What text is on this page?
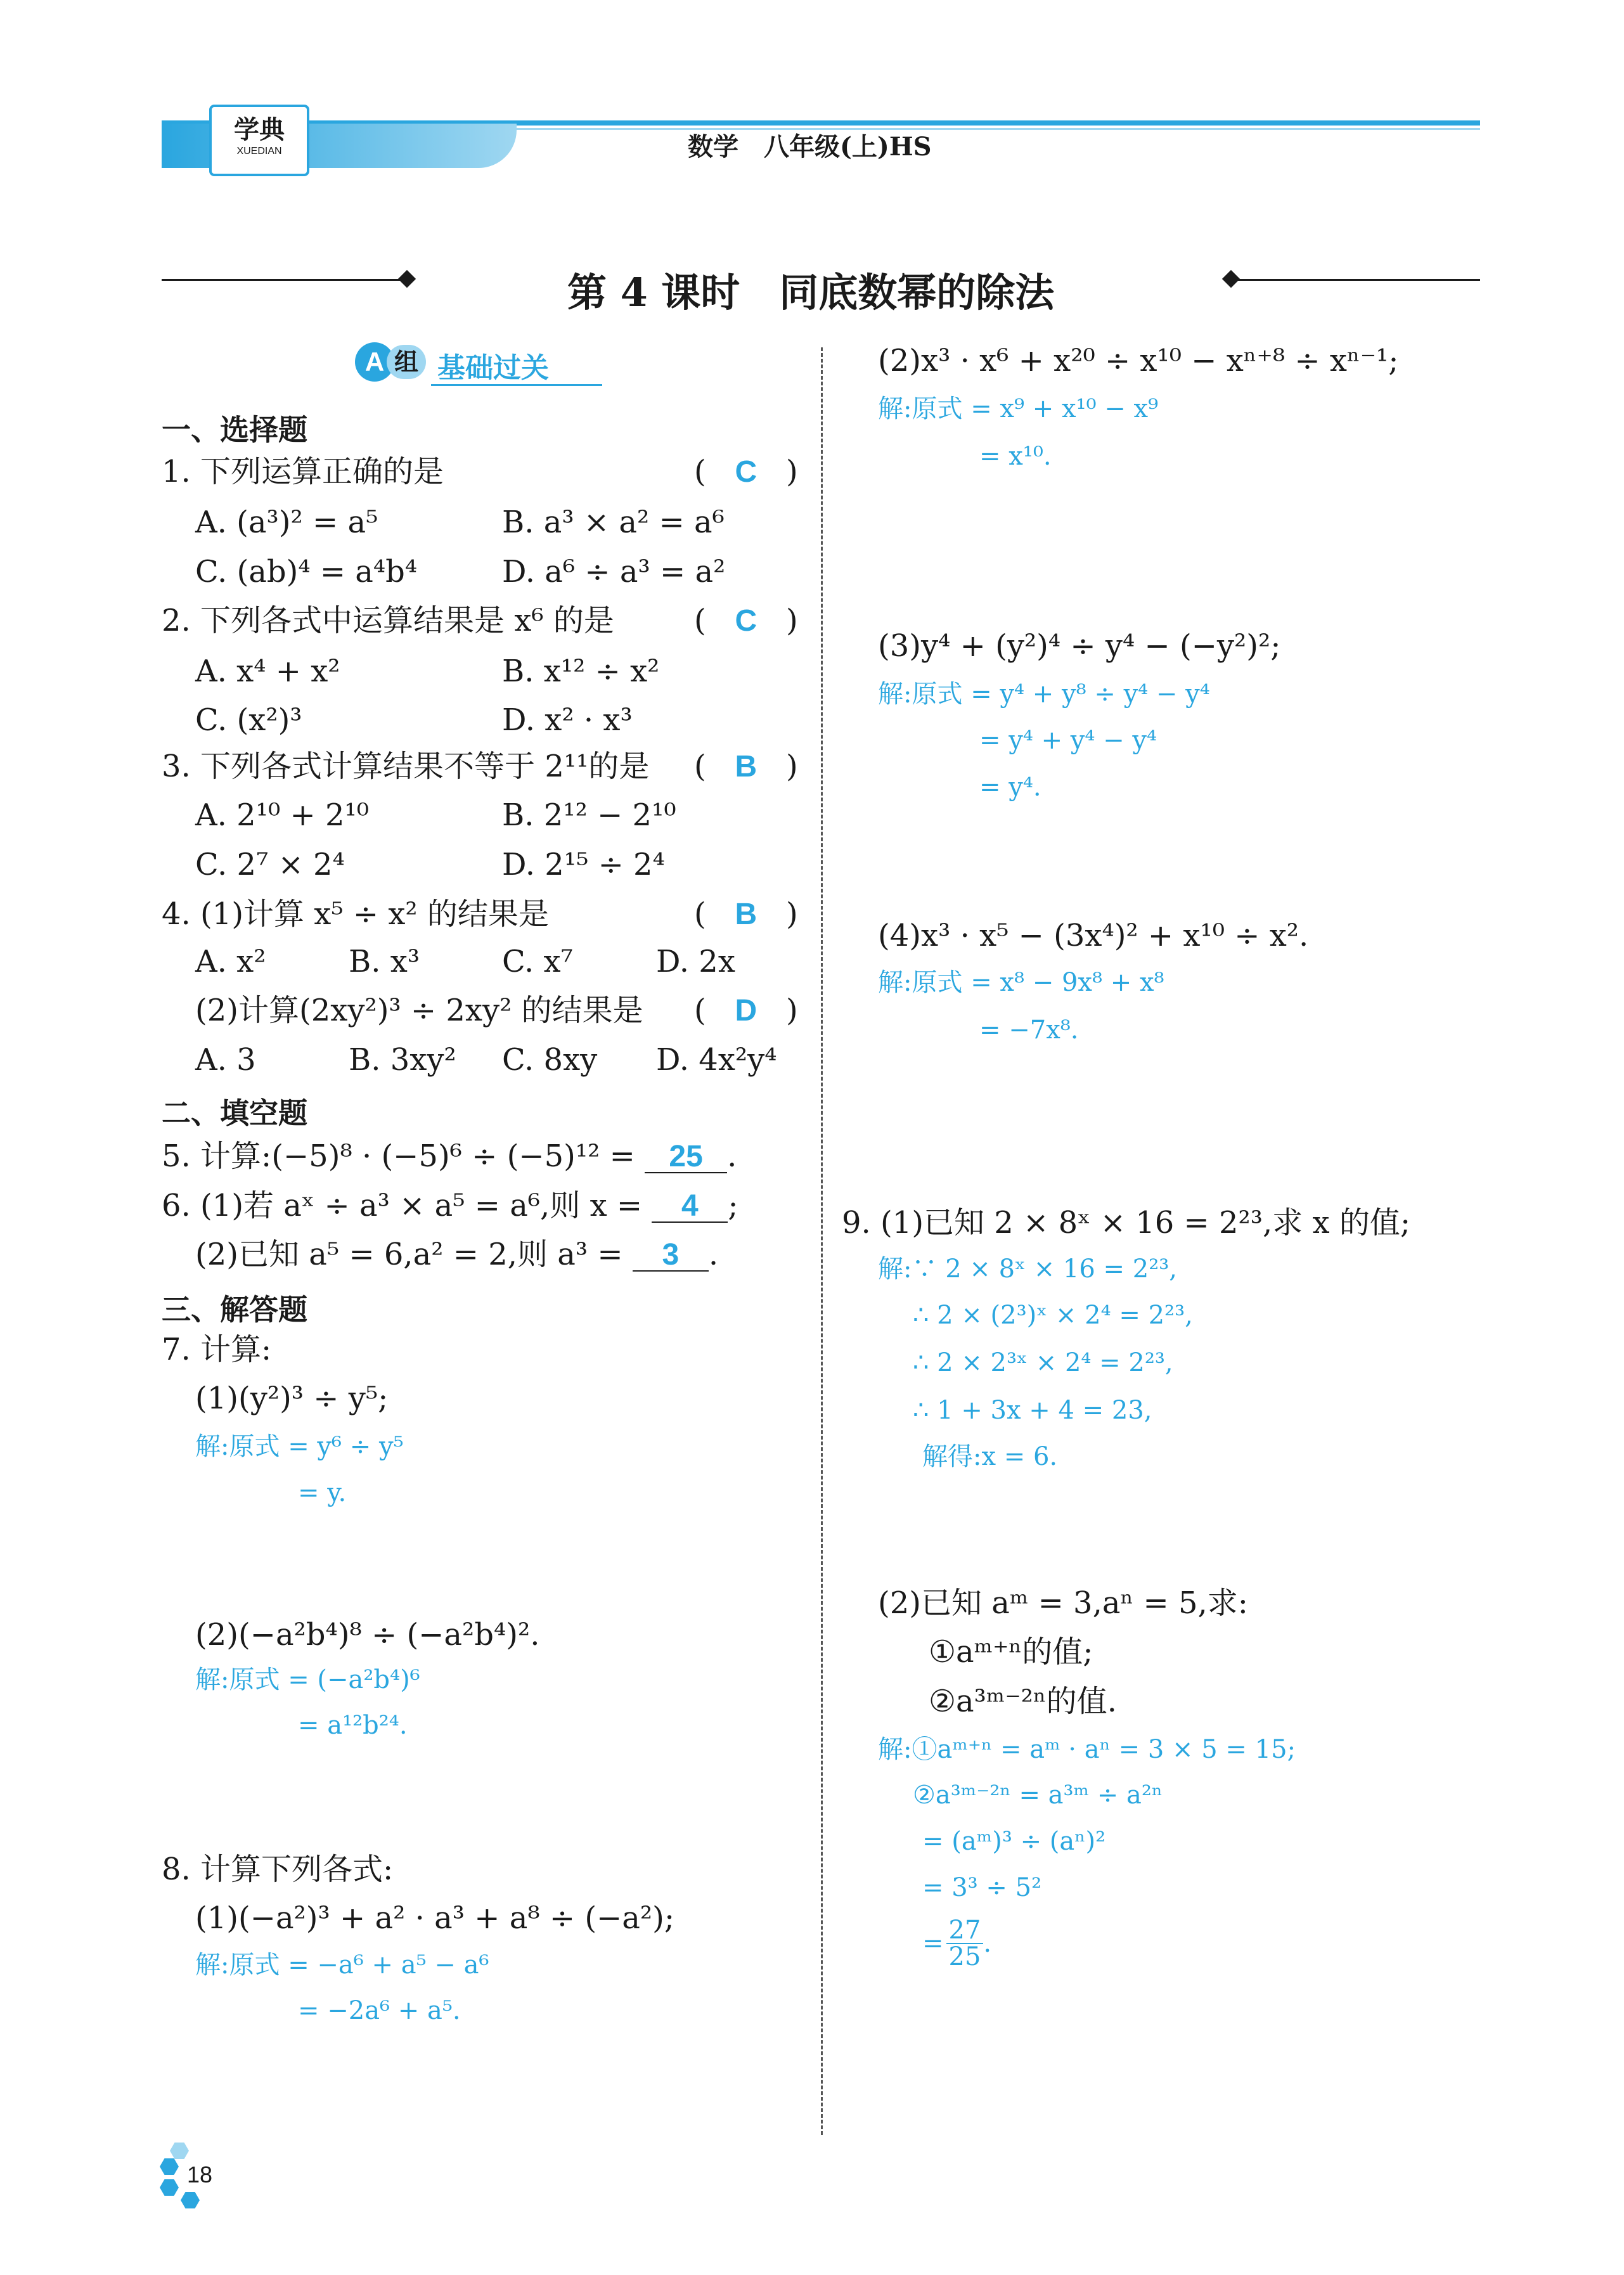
学典
XUEDIAN	数学　八年级(上)HS
第 4 课时　同底数幂的除法
A 组 基础过关
一、选择题
1. 下列运算正确的是	(   C   )
A. (a³)² = a⁵	B. a³ × a² = a⁶
C. (ab)⁴ = a⁴b⁴	D. a⁶ ÷ a³ = a²
2. 下列各式中运算结果是 x⁶ 的是	(   C   )
A. x⁴ + x²	B. x¹² ÷ x²
C. (x²)³	D. x² · x³
3. 下列各式计算结果不等于 2¹¹的是 (   B   )
A. 2¹⁰ + 2¹⁰	B. 2¹² − 2¹⁰
C. 2⁷ × 2⁴	D. 2¹⁵ ÷ 2⁴
4. (1)计算 x⁵ ÷ x² 的结果是	(   B   )
A. x²	B. x³	C. x⁷	D. 2x
(2)计算(2xy²)³ ÷ 2xy² 的结果是 (   D   )
A. 3	B. 3xy² C. 8xy D. 4x²y⁴
二、填空题
5. 计算:(−5)⁸ · (−5)⁶ ÷ (−5)¹² = 25 .
6. (1)若 aˣ ÷ a³ × a⁵ = a⁶,则 x = 4 ;
(2)已知 a⁵ = 6,a² = 2,则 a³ = 3 .
三、解答题
7. 计算:
(1)(y²)³ ÷ y⁵;
解:原式 = y⁶ ÷ y⁵
= y.
(2)(−a²b⁴)⁸ ÷ (−a²b⁴)².
解:原式 = (−a²b⁴)⁶
= a¹²b²⁴.
8. 计算下列各式:
(1)(−a²)³ + a² · a³ + a⁸ ÷ (−a²);
解:原式 = −a⁶ + a⁵ − a⁶
= −2a⁶ + a⁵.
(2)x³ · x⁶ + x²⁰ ÷ x¹⁰ − xⁿ⁺⁸ ÷ xⁿ⁻¹;
解:原式 = x⁹ + x¹⁰ − x⁹
= x¹⁰.
(3)y⁴ + (y²)⁴ ÷ y⁴ − (−y²)²;
解:原式 = y⁴ + y⁸ ÷ y⁴ − y⁴
= y⁴ + y⁴ − y⁴
= y⁴.
(4)x³ · x⁵ − (3x⁴)² + x¹⁰ ÷ x².
解:原式 = x⁸ − 9x⁸ + x⁸
= −7x⁸.
9. (1)已知 2 × 8ˣ × 16 = 2²³,求 x 的值;
解:∵ 2 × 8ˣ × 16 = 2²³,
∴ 2 × (2³)ˣ × 2⁴ = 2²³,
∴ 2 × 2³ˣ × 2⁴ = 2²³,
∴ 1 + 3x + 4 = 23,
解得:x = 6.
(2)已知 aᵐ = 3,aⁿ = 5,求:
①aᵐ⁺ⁿ的值;
②a³ᵐ⁻²ⁿ的值.
解:①aᵐ⁺ⁿ = aᵐ · aⁿ = 3 × 5 = 15;
②a³ᵐ⁻²ⁿ = a³ᵐ ÷ a²ⁿ
= (aᵐ)³ ÷ (aⁿ)²
= 3³ ÷ 5²
= $\frac{27}{25}$ .
18
